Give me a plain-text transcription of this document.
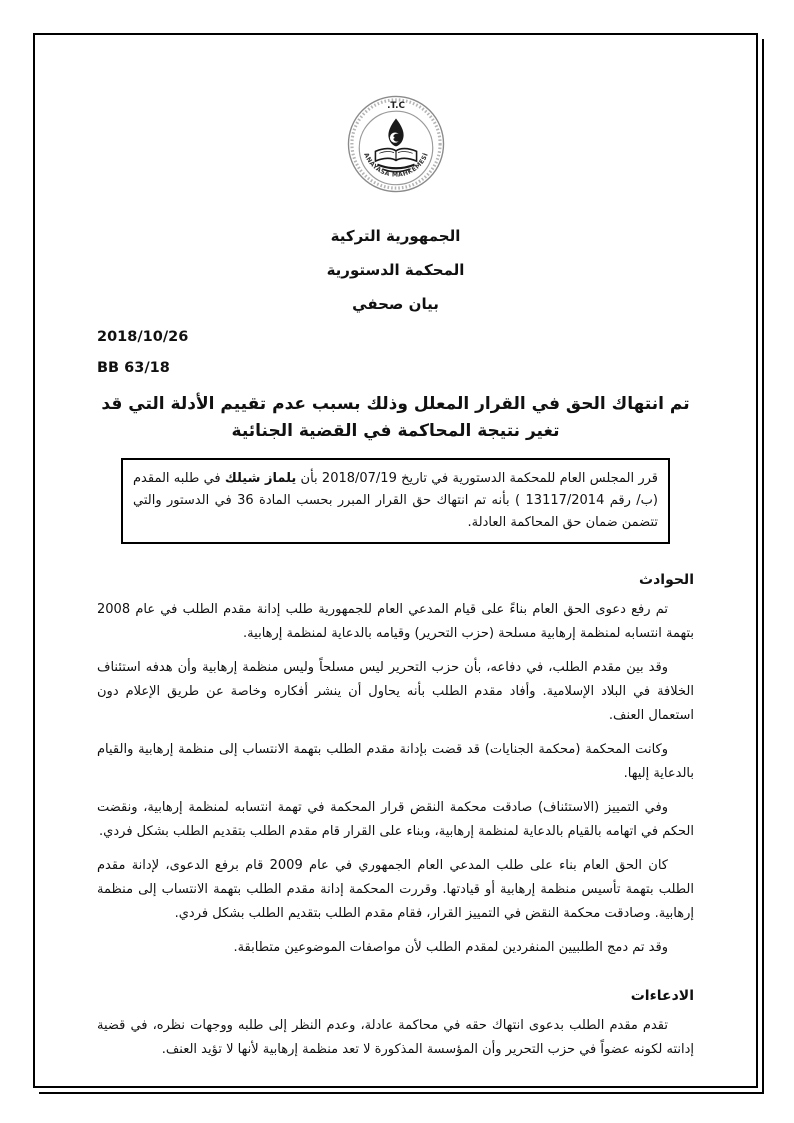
T.C.
ANAYASA MAHKEMESİ
الجمهورية التركية
المحكمة الدستورية
بيان صحفي
2018/10/26
BB 63/18
تم انتهاك الحق في القرار المعلل وذلك بسبب عدم تقييم الأدلة التي قد تغير نتيجة المحاكمة في القضية الجنائية
قرر المجلس العام للمحكمة الدستورية في تاريخ 2018/07/19 بأن يلماز شيلك في طلبه المقدم (ب/ رقم 13117/2014 ) بأنه تم انتهاك حق القرار المبرر بحسب المادة 36 في الدستور والتي تتضمن ضمان حق المحاكمة العادلة.
الحوادث

تم رفع دعوى الحق العام بناءً على قيام المدعي العام للجمهورية طلب إدانة مقدم الطلب في عام 2008 بتهمة انتسابه لمنظمة إرهابية مسلحة (حزب التحرير) وقيامه بالدعاية لمنظمة إرهابية.

وقد بين مقدم الطلب، في دفاعه، بأن حزب التحرير ليس مسلحاً وليس منظمة إرهابية وأن هدفه استئناف الخلافة في البلاد الإسلامية. وأفاد مقدم الطلب بأنه يحاول أن ينشر أفكاره وخاصة عن طريق الإعلام دون استعمال العنف.

وكانت المحكمة (محكمة الجنايات) قد قضت بإدانة مقدم الطلب بتهمة الانتساب إلى منظمة إرهابية والقيام بالدعاية إليها.

وفي التمييز (الاستئناف) صادقت محكمة النقض قرار المحكمة في تهمة انتسابه لمنظمة إرهابية، ونقضت الحكم في اتهامه بالقيام بالدعاية لمنظمة إرهابية، وبناء على القرار قام مقدم الطلب بتقديم الطلب بشكل فردي.

كان الحق العام بناء على طلب المدعي العام الجمهوري في عام 2009 قام برفع الدعوى، لإدانة مقدم الطلب بتهمة تأسيس منظمة إرهابية أو قيادتها. وقررت المحكمة إدانة مقدم الطلب بتهمة الانتساب إلى منظمة إرهابية. وصادقت محكمة النقض في التمييز القرار، فقام مقدم الطلب بتقديم الطلب بشكل فردي.

وقد تم دمج الطلبيين المنفردين لمقدم الطلب لأن مواصفات الموضوعين متطابقة.

الادعاءات

تقدم مقدم الطلب بدعوى انتهاك حقه في محاكمة عادلة، وعدم النظر إلى طلبه ووجهات نظره، في قضية إدانته لكونه عضواً في حزب التحرير وأن المؤسسة المذكورة لا تعد منظمة إرهابية لأنها لا تؤيد العنف.
